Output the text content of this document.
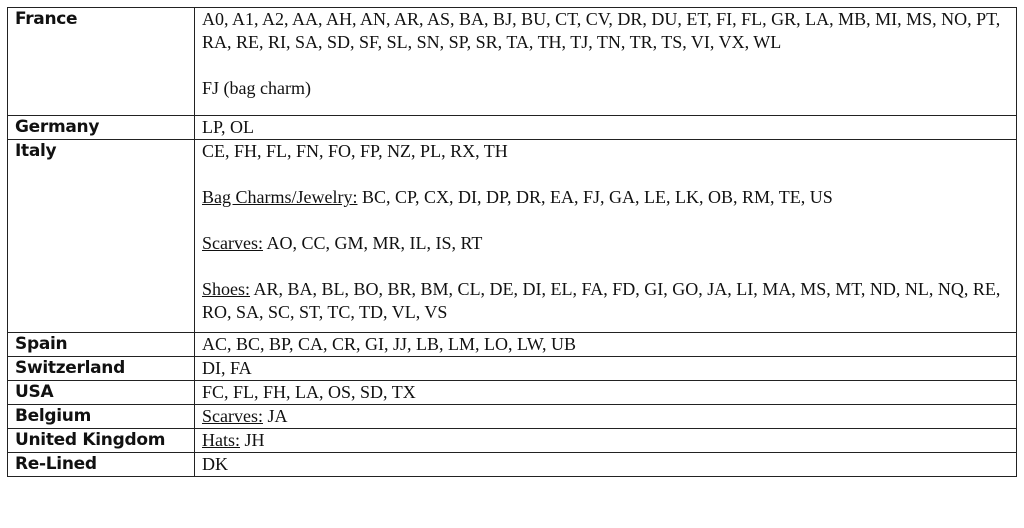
France	A0, A1, A2, AA, AH, AN, AR, AS, BA, BJ, BU, CT, CV, DR, DU, ET, FI, FL, GR, LA, MB, MI, MS, NO, PT, RA, RE, RI, SA, SD, SF, SL, SN, SP, SR, TA, TH, TJ, TN, TR, TS, VI, VX, WL
FJ (bag charm)

Germany	LP, OL
Italy	CE, FH, FL, FN, FO, FP, NZ, PL, RX, TH
Bag Charms/Jewelry: BC, CP, CX, DI, DP, DR, EA, FJ, GA, LE, LK, OB, RM, TE, US
Scarves: AO, CC, GM, MR, IL, IS, RT
Shoes: AR, BA, BL, BO, BR, BM, CL, DE, DI, EL, FA, FD, GI, GO, JA, LI, MA, MS, MT, ND, NL, NQ, RE, RO, SA, SC, ST, TC, TD, VL, VS

Spain	AC, BC, BP, CA, CR, GI, JJ, LB, LM, LO, LW, UB
Switzerland	DI, FA
USA	FC, FL, FH, LA, OS, SD, TX
Belgium	Scarves: JA
United Kingdom	Hats: JH
Re-Lined	DK
